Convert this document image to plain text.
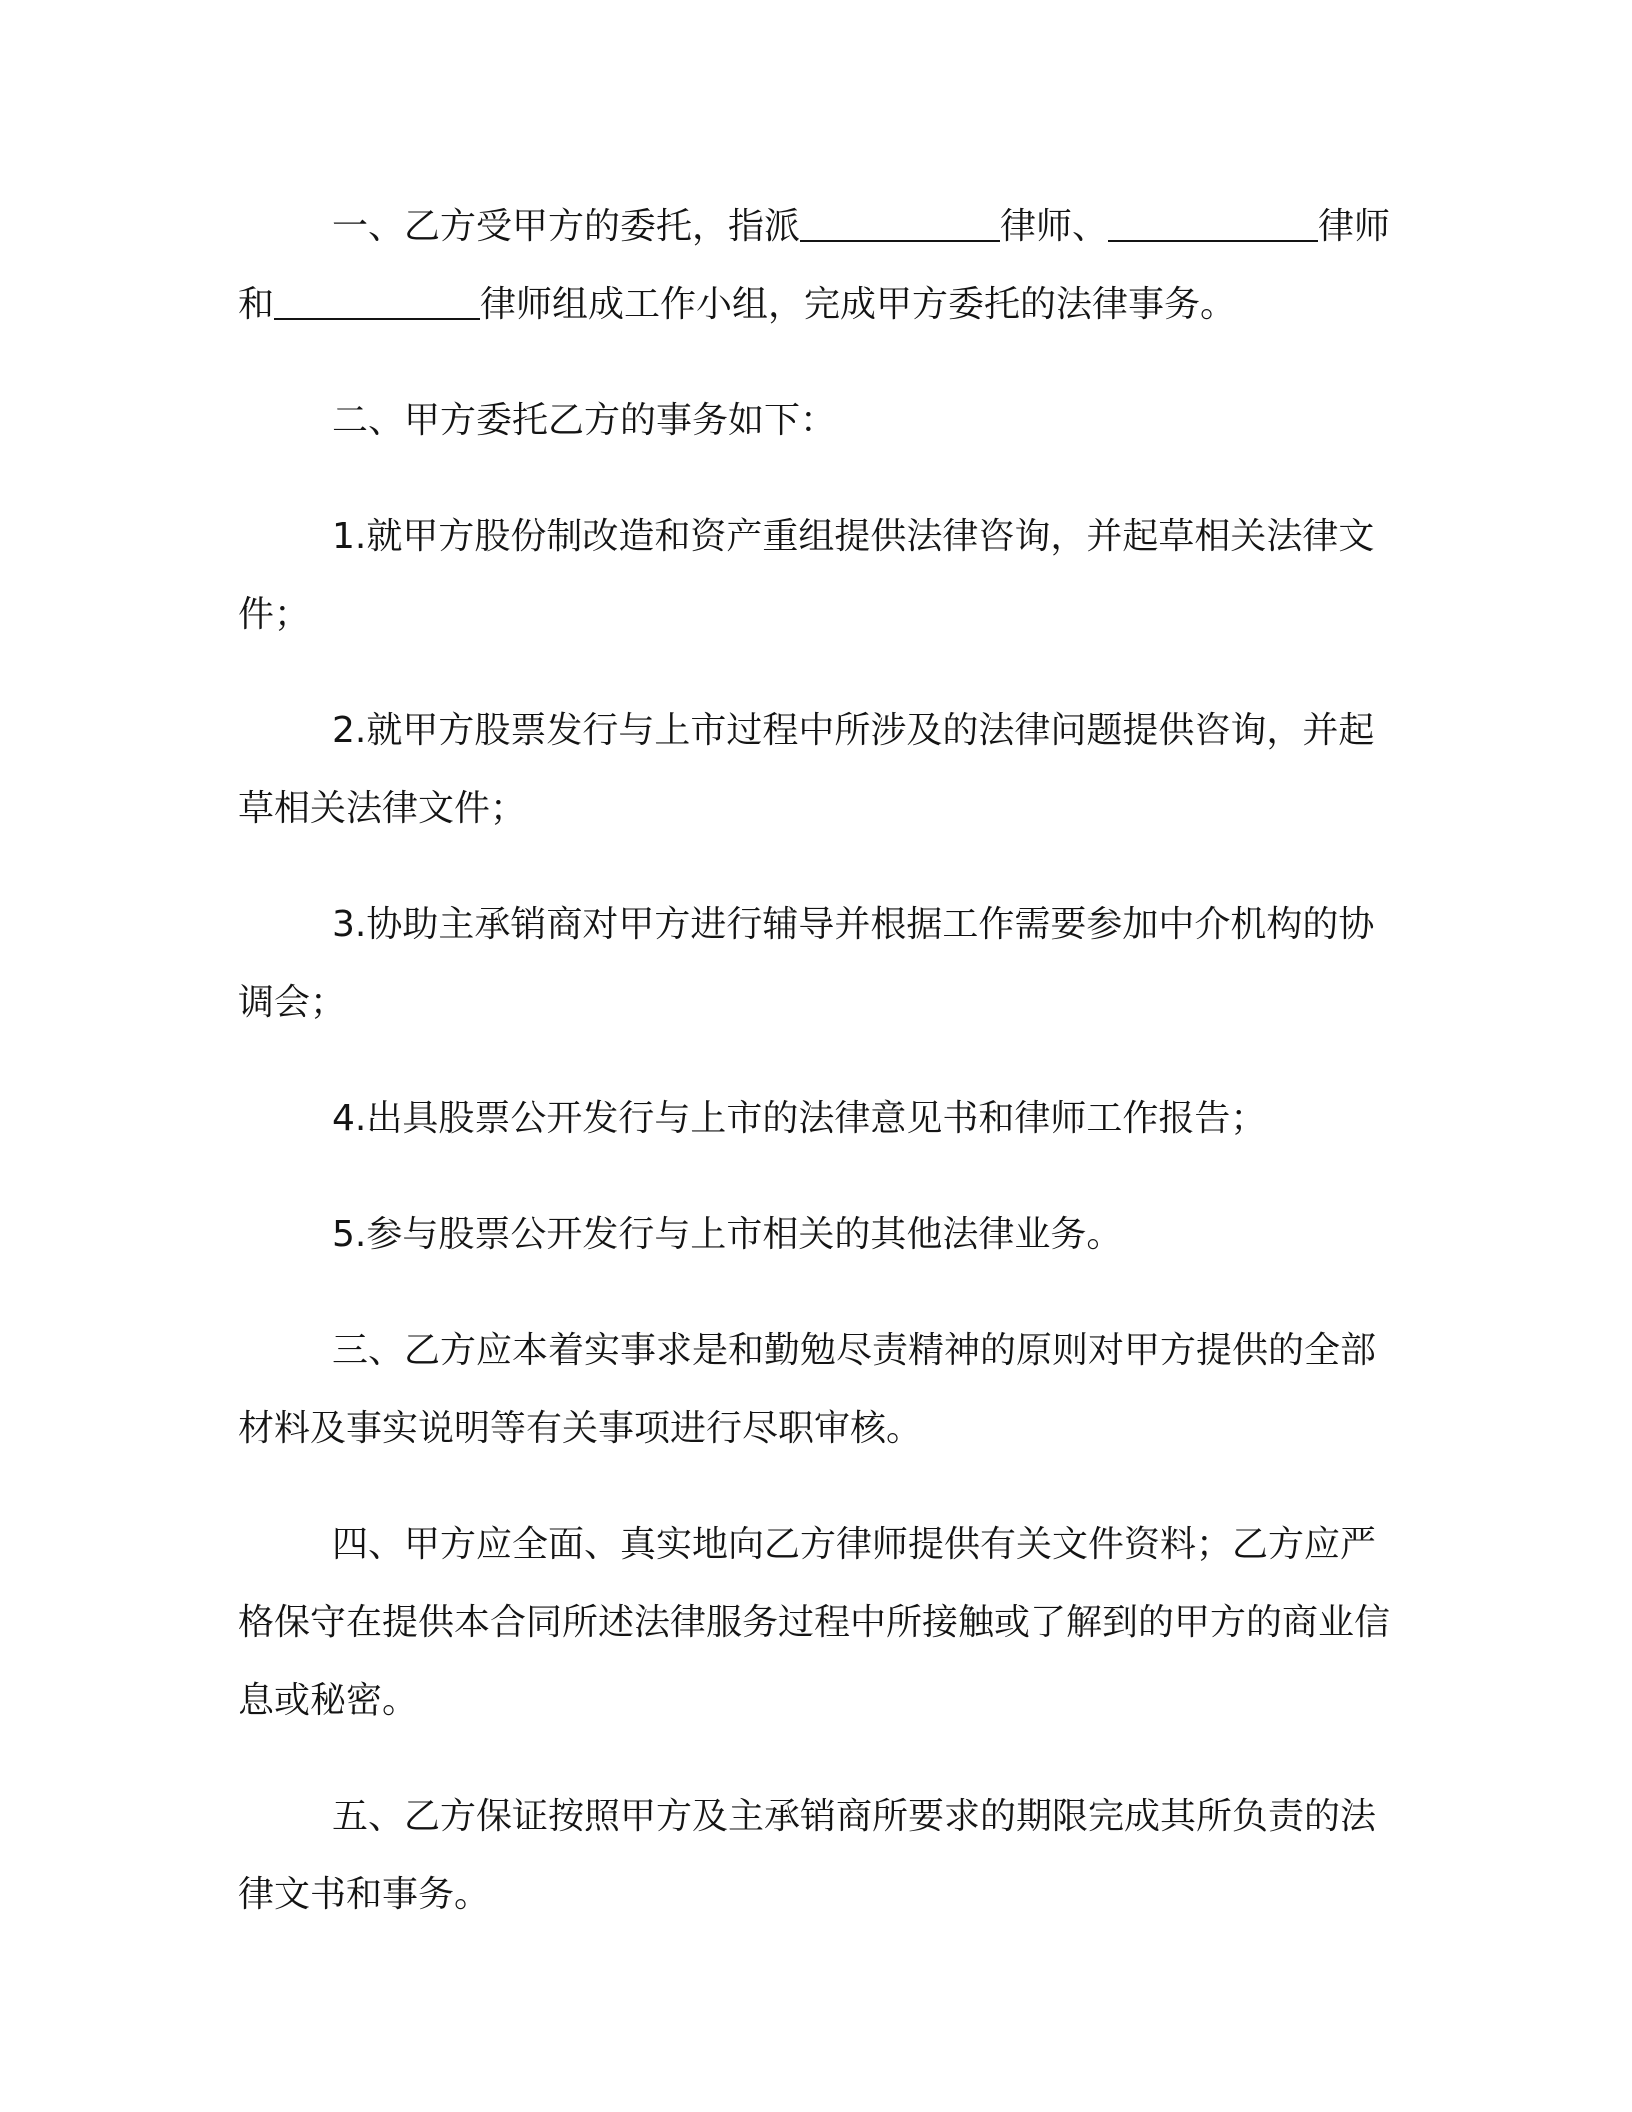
一、乙方受甲方的委托，指派	律师、	律师和	律师组成工作小组，完成甲方委托的法律事务。

二、甲方委托乙方的事务如下：

1.就甲方股份制改造和资产重组提供法律咨询，并起草相关法律文件；

2.就甲方股票发行与上市过程中所涉及的法律问题提供咨询，并起草相关法律文件；

3.协助主承销商对甲方进行辅导并根据工作需要参加中介机构的协调会；

4.出具股票公开发行与上市的法律意见书和律师工作报告；

5.参与股票公开发行与上市相关的其他法律业务。

三、乙方应本着实事求是和勤勉尽责精神的原则对甲方提供的全部材料及事实说明等有关事项进行尽职审核。

四、甲方应全面、真实地向乙方律师提供有关文件资料；乙方应严格保守在提供本合同所述法律服务过程中所接触或了解到的甲方的商业信息或秘密。

五、乙方保证按照甲方及主承销商所要求的期限完成其所负责的法律文书和事务。
